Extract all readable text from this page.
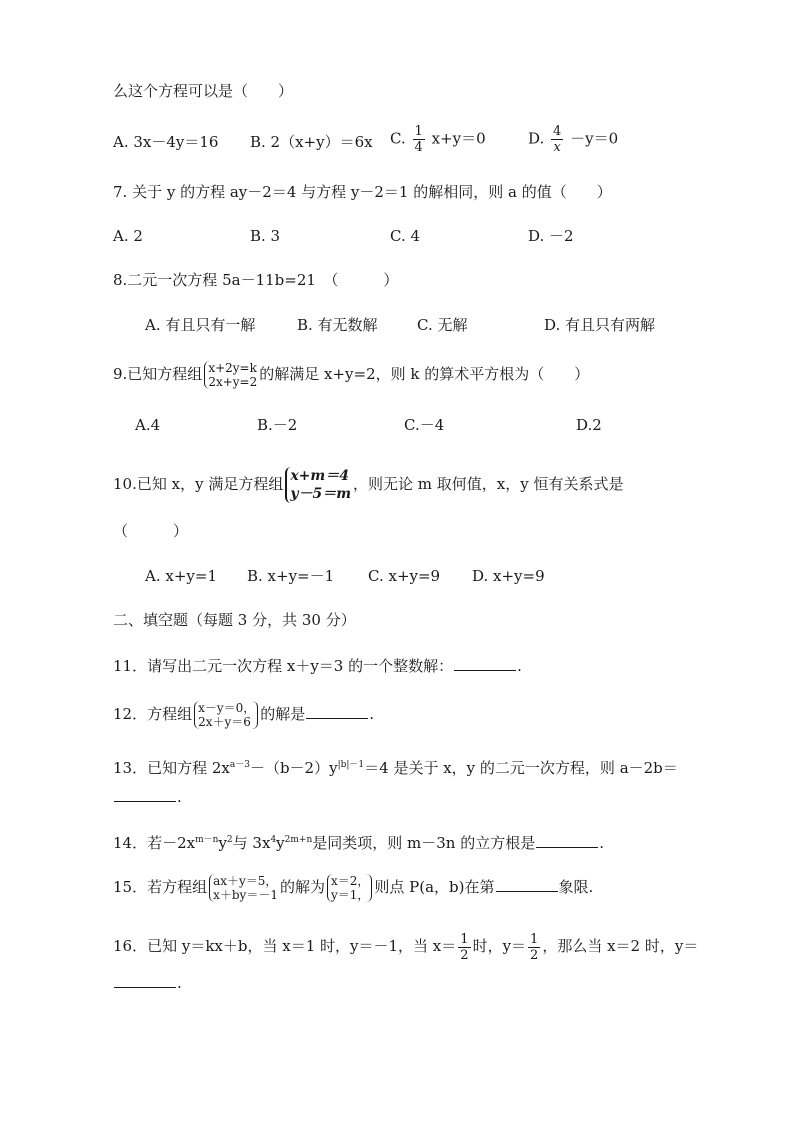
么这个方程可以是（　　）
A. 3x－4y＝16 B. 2（x+y）＝6x C. $\frac{1}{4} x+y=0$	D. $\frac{4}{x} -y=0$
7. 关于 y 的方程 ay－2＝4 与方程 y－2＝1 的解相同，则 a 的值（　　）
A. 2	B. 3	C. 4	D. －2
8.二元一次方程 5a－11b=21　（　　　）
A. 有且只有一解	B. 有无数解	C. 无解	D. 有且只有两解
9.已知方程组 x+2y=k
2x+y=2 的解满足 x+y=2，则 k 的算术平方根为（　　）
A.4	B.－2	C.－4	D.2
10.已知 x，y 满足方程组 x+m＝4
y－5＝m
，则无论 m 取何值，x，y 恒有关系式是
（　　　）
A. x+y=1 B. x+y=－1 C. x+y=9 D. x+y=9
二、填空题（每题 3 分，共 30 分）
11．请写出二元一次方程 x＋y＝3 的一个整数解：	.
12．方程组 x－y＝0，
2x＋y＝6 的解是	.
13．已知方程 $2x^{a-3}-(b-2)y^{|b|-1}=4$ 是关于 x，y 的二元一次方程，则 a－2b＝
.
14．若$-2x^{m-n}y^2$与 $3x^4y^{2m+n}$是同类项，则 m－3n 的立方根是	.
15．若方程组 ax＋y＝5，
x＋by＝－1 的解为 x＝2，
y＝1， 则点 P(a，b)在第	象限.
16．已知 y＝kx＋b，当 x＝1 时，y＝－1，当 $x= \frac{1}{2}$ 时，$y= \frac{1}{2}$ ，那么当 x＝2 时，y＝
.
